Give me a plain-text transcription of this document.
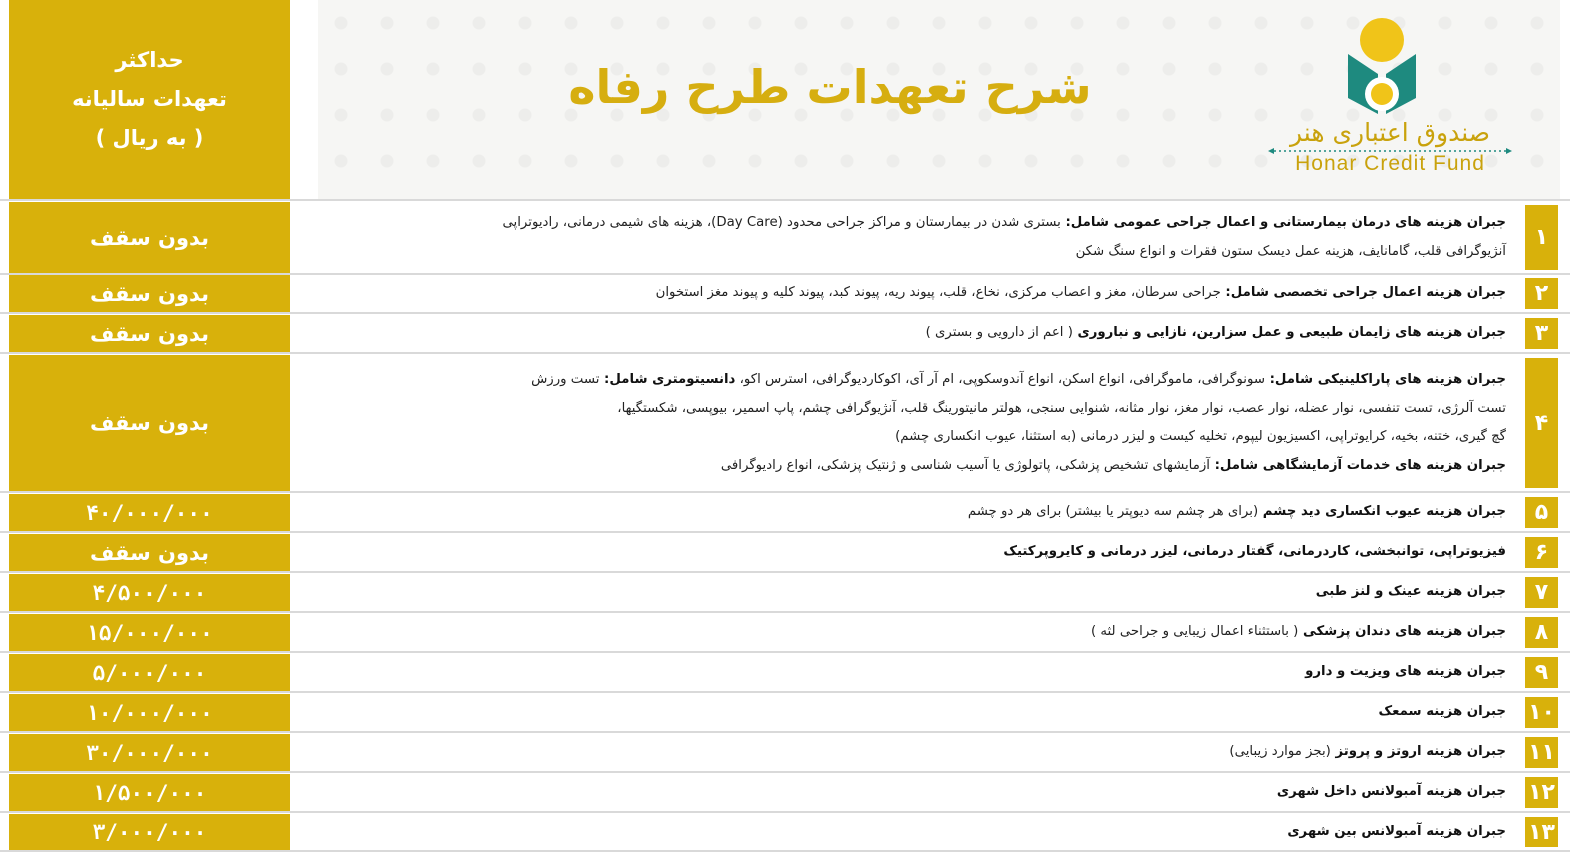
حداکثر
تعهدات سالیانه
( به ریال )
شرح تعهدات طرح رفاه
صندوق اعتباری هنر
Honar Credit Fund
بدون سقف
جبران هزینه های درمان بیمارستانی و اعمال جراحی عمومی شامل: بستری شدن در بیمارستان و مراکز جراحی محدود (Day Care)، هزینه های شیمی درمانی، رادیوتراپی
آنژیوگرافی قلب، گامانایف، هزینه عمل دیسک ستون فقرات و انواع سنگ شکن
۱
بدون سقف	جبران هزینه اعمال جراحی تخصصی شامل: جراحی سرطان، مغز و اعصاب مرکزی، نخاع، قلب، پیوند ریه، پیوند کبد، پیوند کلیه و پیوند مغز استخوان	۲
بدون سقف	جبران هزینه های زایمان طبیعی و عمل سزارین، نازایی و نباروری ( اعم از دارویی و بستری )	۳
بدون سقف
جبران هزینه های پاراکلینیکی شامل: سونوگرافی، ماموگرافی، انواع اسکن، انواع آندوسکوپی، ام آر آی، اکوکاردیوگرافی، استرس اکو، دانسیتومتری شامل: تست ورزش
تست آلرژی، تست تنفسی، نوار عضله، نوار عصب، نوار مغز، نوار مثانه، شنوایی سنجی، هولتر مانیتورینگ قلب، آنژیوگرافی چشم، پاپ اسمیر، بیوپسی، شکستگیها،
گچ گیری، ختنه، بخیه، کرایوتراپی، اکسیزیون لیپوم، تخلیه کیست و لیزر درمانی (به استثنا، عیوب انکساری چشم)
جبران هزینه های خدمات آزمایشگاهی شامل: آزمایشهای تشخیص پزشکی، پاتولوژی یا آسیب شناسی و ژنتیک پزشکی، انواع رادیوگرافی
۴
۴۰/۰۰۰/۰۰۰	جبران هزینه عیوب انکساری دید چشم (برای هر چشم سه دیوپتر یا بیشتر) برای هر دو چشم	۵
بدون سقف	فیزیوتراپی، توانبخشی، کاردرمانی، گفتار درمانی، لیزر درمانی و کایروپرکتیک	۶
۴/۵۰۰/۰۰۰	جبران هزینه عینک و لنز طبی	۷
۱۵/۰۰۰/۰۰۰	جبران هزینه های دندان پزشکی ( باستثناء اعمال زیبایی و جراحی لثه )	۸
۵/۰۰۰/۰۰۰	جبران هزینه های ویزیت و دارو	۹
۱۰/۰۰۰/۰۰۰	جبران هزینه سمعک ۱۰
۳۰/۰۰۰/۰۰۰	جبران هزینه اروتز و پروتز (بجز موارد زیبایی)	۱۱
۱/۵۰۰/۰۰۰	جبران هزینه آمبولانس داخل شهری ۱۲
۳/۰۰۰/۰۰۰	جبران هزینه آمبولانس بین شهری ۱۳
